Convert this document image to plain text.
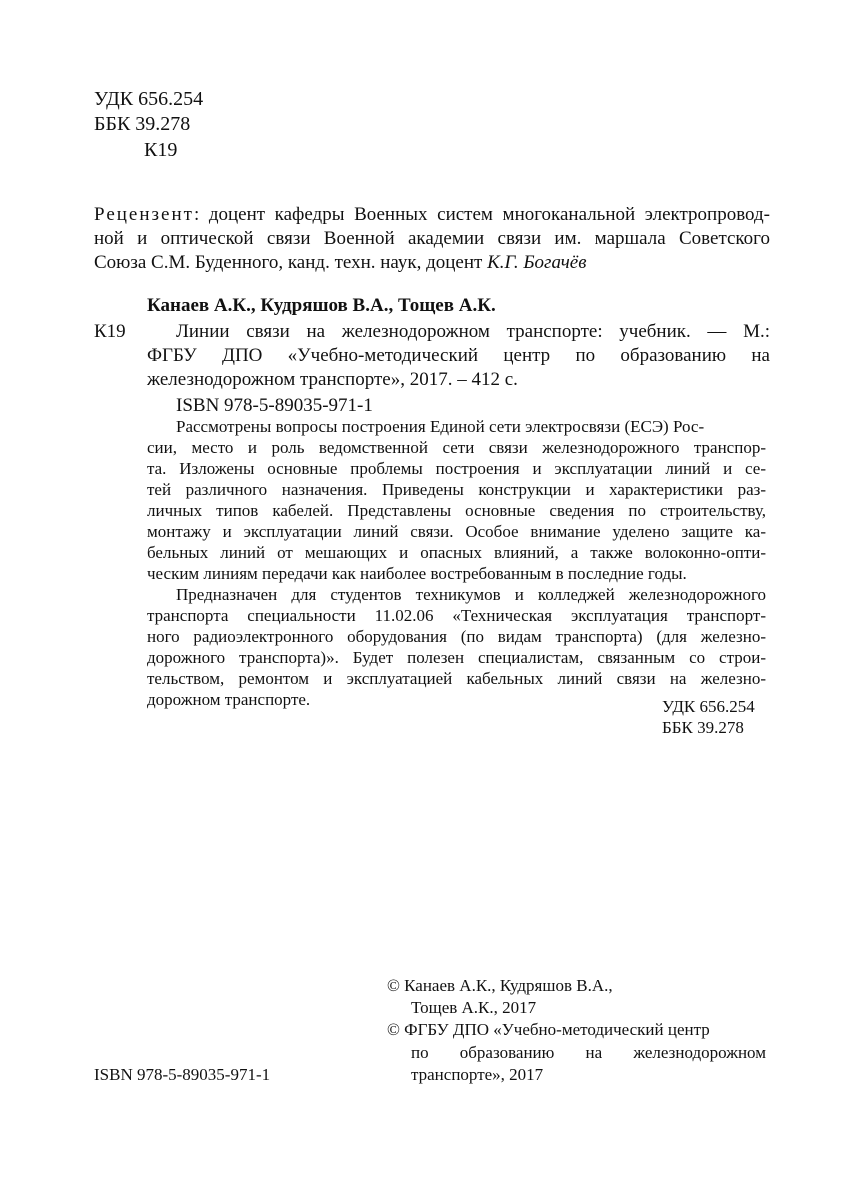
УДК 656.254
ББК 39.278
К19
Рецензент: доцент кафедры Военных систем многоканальной электропровод-
ной и оптической связи Военной академии связи им. маршала Советского
Союза С.М. Буденного, канд. техн. наук, доцент К.Г. Богачёв
Канаев А.К., Кудряшов В.А., Тощев А.К.
К19	Линии связи на железнодорожном транспорте: учебник. — М.:
ФГБУ ДПО «Учебно-методический центр по образованию на
железнодорожном транспорте», 2017. – 412 с.
ISBN 978-5-89035-971-1
Рассмотрены вопросы построения Единой сети электросвязи (ЕСЭ) Рос-
сии, место и роль ведомственной сети связи железнодорожного транспор-
та. Изложены основные проблемы построения и эксплуатации линий и се-
тей различного назначения. Приведены конструкции и характеристики раз-
личных типов кабелей. Представлены основные сведения по строительству,
монтажу и эксплуатации линий связи. Особое внимание уделено защите ка-
бельных линий от мешающих и опасных влияний, а также волоконно-опти-
ческим линиям передачи как наиболее востребованным в последние годы.
Предназначен для студентов техникумов и колледжей железнодорожного
транспорта специальности 11.02.06 «Техническая эксплуатация транспорт-
ного радиоэлектронного оборудования (по видам транспорта) (для железно-
дорожного транспорта)». Будет полезен специалистам, связанным со строи-
тельством, ремонтом и эксплуатацией кабельных линий связи на железно-
дорожном транспорте.	УДК 656.254
ББК 39.278
© Канаев А.К., Кудряшов В.А.,
Тощев А.К., 2017
© ФГБУ ДПО «Учебно-методический центр
по образованию на железнодорожном
транспорте», 2017
ISBN 978-5-89035-971-1
